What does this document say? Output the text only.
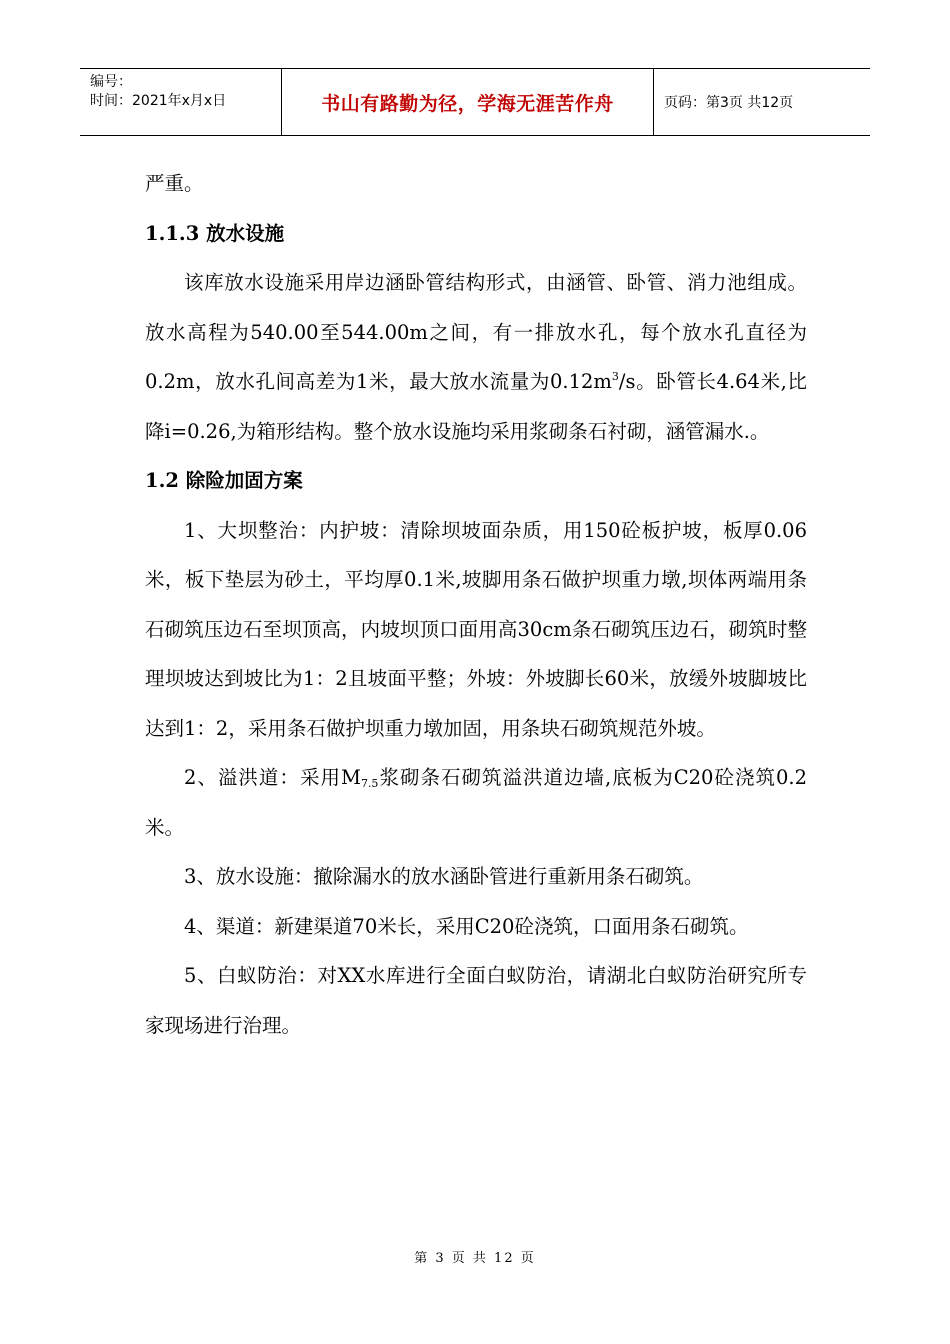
编号：
时间：2021年x月x日	书山有路勤为径，学海无涯苦作舟	页码：第3页 共12页

严重。

1.1.3 放水设施

该库放水设施采用岸边涵卧管结构形式，由涵管、卧管、消力池组成。放水高程为540.00至544.00m之间，有一排放水孔，每个放水孔直径为0.2m，放水孔间高差为1米，最大放水流量为$0.12m^3/s$。卧管长4.64米,比降i=0.26,为箱形结构。整个放水设施均采用浆砌条石衬砌，涵管漏水.。

1.2 除险加固方案

1、大坝整治：内护坡：清除坝坡面杂质，用150砼板护坡，板厚0.06米，板下垫层为砂土，平均厚0.1米,坡脚用条石做护坝重力墩,坝体两端用条石砌筑压边石至坝顶高，内坡坝顶口面用高30cm条石砌筑压边石，砌筑时整理坝坡达到坡比为1：2且坡面平整；外坡：外坡脚长60米，放缓外坡脚坡比达到1：2，采用条石做护坝重力墩加固，用条块石砌筑规范外坡。

2、溢洪道：采用$M_{7.5}$浆砌条石砌筑溢洪道边墙,底板为C20砼浇筑0.2米。

3、放水设施：撤除漏水的放水涵卧管进行重新用条石砌筑。

4、渠道：新建渠道70米长，采用C20砼浇筑，口面用条石砌筑。

5、白蚁防治：对XX水库进行全面白蚁防治，请湖北白蚁防治研究所专家现场进行治理。

第 3 页 共 12 页
